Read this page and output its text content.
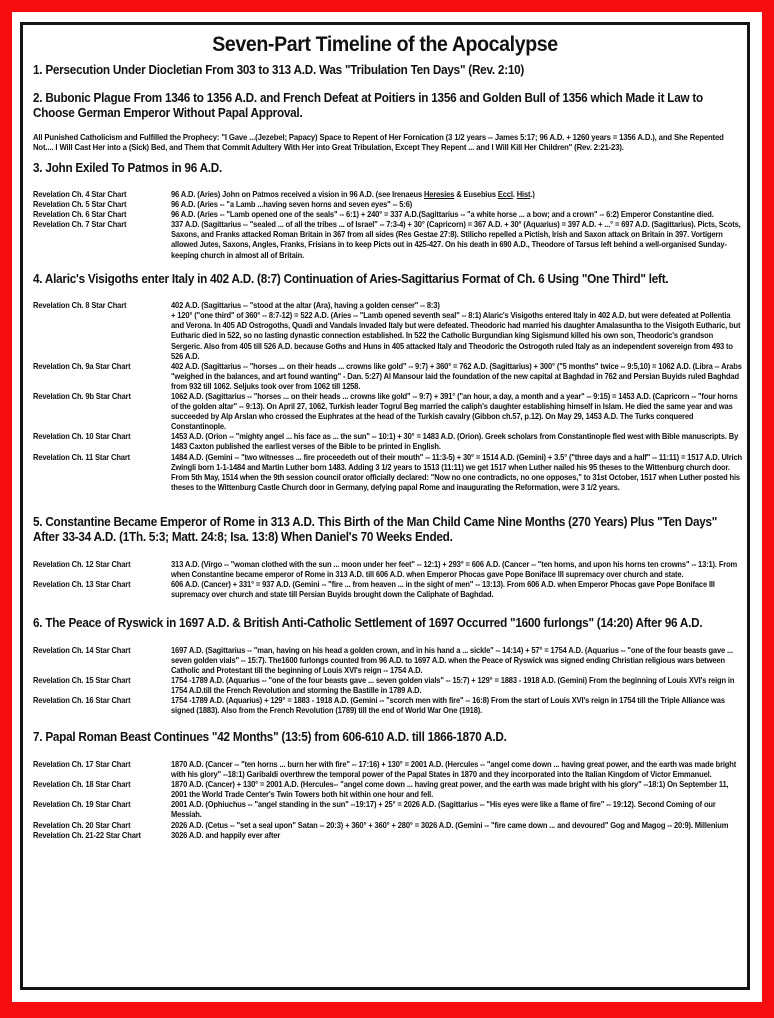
Seven-Part Timeline of the Apocalypse
1. Persecution Under Diocletian From 303 to 313 A.D. Was "Tribulation Ten Days" (Rev. 2:10)
2. Bubonic Plague From 1346 to 1356 A.D. and French Defeat at Poitiers in 1356 and Golden Bull of 1356 which Made it Law to Choose German Emperor Without Papal Approval.
All Punished Catholicism and Fulfilled the Prophecy: "I Gave ...(Jezebel; Papacy) Space to Repent of Her Fornication (3 1/2 years -- James 5:17; 96 A.D. + 1260 years = 1356 A.D.), and She Repented Not.... I Will Cast Her into a (Sick) Bed, and Them that Commit Adultery With Her into Great Tribulation, Except They Repent ... and I Will Kill Her Children" (Rev. 2:21-23).
3. John Exiled To Patmos in 96 A.D.
Revelation Ch. 4 Star Chart	96 A.D. (Aries) John on Patmos received a vision in 96 A.D. (see Irenaeus Heresies & Eusebius Eccl. Hist.)
Revelation Ch. 5 Star Chart	96 A.D. (Aries -- "a Lamb ...having seven horns and seven eyes" -- 5:6)
Revelation Ch. 6 Star Chart	96 A.D. (Aries -- "Lamb opened one of the seals" -- 6:1) + 240° = 337 A.D.(Sagittarius -- "a white horse ... a bow; and a crown" -- 6:2) Emperor Constantine died.
Revelation Ch. 7 Star Chart	337 A.D. (Sagittarius -- "sealed ... of all the tribes ... of Israel" -- 7:3-4) + 30° (Capricorn) = 367 A.D. + 30° (Aquarius) = 397 A.D. + ...° = 697 A.D. (Sagittarius). Picts, Scots, Saxons, and Franks attacked Roman Britain in 367 from all sides (Res Gestae 27:8). Stilicho repelled a Pictish, Irish and Saxon attack on Britain in 397. Vortigern allowed Jutes, Saxons, Angles, Franks, Frisians in to keep Picts out in 425-427. On his death in 690 A.D., Theodore of Tarsus left behind a well-organised Sunday-keeping church in almost all of Britain.
4. Alaric's Visigoths enter Italy in 402 A.D. (8:7) Continuation of Aries-Sagittarius Format of Ch. 6 Using "One Third" left.
Revelation Ch. 8 Star Chart	402 A.D. (Sagittarius -- "stood at the altar (Ara), having a golden censer" -- 8:3)
+ 120° ("one third" of 360° -- 8:7-12) = 522 A.D. (Aries -- "Lamb opened seventh seal" -- 8:1) Alaric's Visigoths entered Italy in 402 A.D. but were defeated at Pollentia and Verona. In 405 AD Ostrogoths, Quadi and Vandals invaded Italy but were defeated. Theodoric had married his daughter Amalasuntha to the Visigoth Eutharic, but Eutharic died in 522, so no lasting dynastic connection established. In 522 the Catholic Burgundian king Sigismund killed his own son, Theodoric's grandson Sergeric. Also from 405 till 526 A.D. because Goths and Huns in 405 attacked Italy and Theodoric the Ostrogoth ruled Italy as an independent sovereign from 493 to 526 A.D.
Revelation Ch. 9a Star Chart	402 A.D. (Sagittarius -- "horses ... on their heads ... crowns like gold" -- 9:7) + 360° = 762 A.D. (Sagittarius) + 300° ("5 months" twice -- 9:5,10) = 1062 A.D. (Libra -- Arabs "weighed in the balances, and art found wanting" - Dan. 5:27) Al Mansour laid the foundation of the new capital at Baghdad in 762 and Persian Buyids ruled Baghdad from 932 till 1062. Seljuks took over from 1062 till 1258.
Revelation Ch. 9b Star Chart	1062 A.D. (Sagittarius -- "horses ... on their heads ... crowns like gold" -- 9:7) + 391° ("an hour, a day, a month and a year" -- 9:15) = 1453 A.D. (Capricorn -- "four horns of the golden altar" -- 9:13). On April 27, 1062, Turkish leader Togrul Beg married the caliph's daughter establishing himself in Islam. He died the same year and was succeeded by Alp Arslan who crossed the Euphrates at the head of the Turkish cavalry (Gibbon ch.57, p.12). On May 29, 1453 A.D. The Turks conquered Constantinople.
Revelation Ch. 10 Star Chart	1453 A.D. (Orion -- "mighty angel ... his face as ... the sun" -- 10:1) + 30° = 1483 A.D. (Orion). Greek scholars from Constantinople fled west with Bible manuscripts. By 1483 Caxton published the earliest verses of the Bible to be printed in English.
Revelation Ch. 11 Star Chart	1484 A.D. (Gemini -- "two witnesses ... fire proceedeth out of their mouth" -- 11:3-5) + 30° = 1514 A.D. (Gemini) + 3.5° ("three days and a half" -- 11:11) = 1517 A.D. Ulrich Zwingli born 1-1-1484 and Martin Luther born 1483. Adding 3 1/2 years to 1513 (11:11) we get 1517 when Luther nailed his 95 theses to the Wittenburg church door. From 5th May, 1514 when the 9th session council orator officially declared: "Now no one contradicts, no one opposes," to 31st October, 1517 when Luther posted his theses to the Wittenburg Castle Church door in Germany, defying papal Rome and inaugurating the Reformation, were 3 1/2 years.
5. Constantine Became Emperor of Rome in 313 A.D. This Birth of the Man Child Came Nine Months (270 Years) Plus "Ten Days" After 33-34 A.D. (1Th. 5:3; Matt. 24:8; Isa. 13:8) When Daniel's 70 Weeks Ended.
Revelation Ch. 12 Star Chart	313 A.D. (Virgo -- "woman clothed with the sun ... moon under her feet" -- 12:1) + 293° = 606 A.D. (Cancer -- "ten horns, and upon his horns ten crowns" -- 13:1). From when Constantine became emperor of Rome in 313 A.D. till 606 A.D. when Emperor Phocas gave Pope Boniface III supremacy over church and state.
Revelation Ch. 13 Star Chart	606 A.D. (Cancer) + 331° = 937 A.D. (Gemini -- "fire ... from heaven ... in the sight of men" -- 13:13). From 606 A.D. when Emperor Phocas gave Pope Boniface III supremacy over church and state till Persian Buyids brought down the Caliphate of Baghdad.
6. The Peace of Ryswick in 1697 A.D. & British Anti-Catholic Settlement of 1697 Occurred "1600 furlongs" (14:20) After 96 A.D.
Revelation Ch. 14 Star Chart	1697 A.D. (Sagittarius -- "man, having on his head a golden crown, and in his hand a ... sickle" -- 14:14) + 57° = 1754 A.D. (Aquarius -- "one of the four beasts gave ... seven golden vials" -- 15:7). The1600 furlongs counted from 96 A.D. to 1697 A.D. when the Peace of Ryswick was signed ending Christian religious wars between Catholic and Protestant till the beginning of Louis XVI's reign -- 1754 A.D.
Revelation Ch. 15 Star Chart	1754 -1789 A.D. (Aquarius -- "one of the four beasts gave ... seven golden vials" -- 15:7) + 129° = 1883 - 1918 A.D. (Gemini) From the beginning of Louis XVI's reign in 1754 A.D.till the French Revolution and storming the Bastille in 1789 A.D.
Revelation Ch. 16 Star Chart	1754 -1789 A.D. (Aquarius) + 129° = 1883 - 1918 A.D. (Gemini -- "scorch men with fire" -- 16:8) From the start of Louis XVI's reign in 1754 till the Triple Alliance was signed (1883). Also from the French Revolution (1789) till the end of World War One (1918).
7. Papal Roman Beast Continues "42 Months" (13:5) from 606-610 A.D. till 1866-1870 A.D.
Revelation Ch. 17 Star Chart	1870 A.D. (Cancer -- "ten horns ... burn her with fire" -- 17:16) + 130° = 2001 A.D. (Hercules -- "angel come down ... having great power, and the earth was made bright with his glory" --18:1) Garibaldi overthrew the temporal power of the Papal States in 1870 and they incorporated into the Italian Kingdom of Victor Emmanuel.
Revelation Ch. 18 Star Chart	1870 A.D. (Cancer) + 130° = 2001 A.D. (Hercules-- "angel come down ... having great power, and the earth was made bright with his glory" --18:1) On September 11, 2001 the World Trade Center's Twin Towers both hit within one hour and fell.
Revelation Ch. 19 Star Chart	2001 A.D. (Ophiuchus -- "angel standing in the sun" --19:17) + 25° = 2026 A.D. (Sagittarius -- "His eyes were like a flame of fire" -- 19:12). Second Coming of our Messiah.
Revelation Ch. 20 Star Chart	2026 A.D. (Cetus -- "set a seal upon" Satan -- 20:3) + 360° + 360° + 280° = 3026 A.D. (Gemini -- "fire came down ... and devoured" Gog and Magog -- 20:9). Millenium
Revelation Ch. 21-22 Star Chart	3026 A.D. and happily ever after
